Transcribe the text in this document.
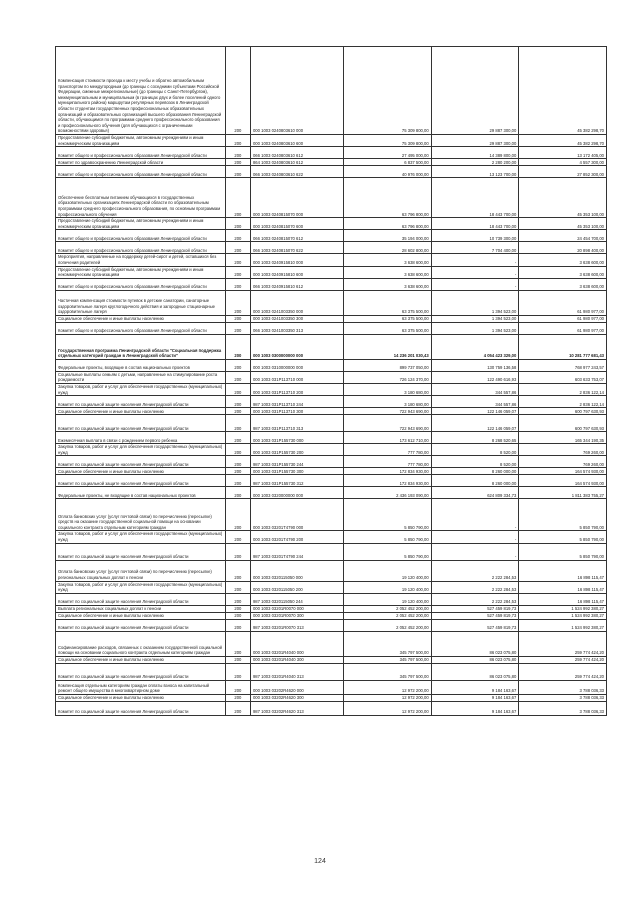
Компенсация стоимости проезда к месту учебы и обратно автомобильным транспортом по междугородным (до границы с соседними субъектами Российской Федерации, смежные межрегиональные) (до границы с Санкт-Петербургом), межмуниципальным и муниципальным (в границах двух и более поселений одного муниципального района) маршрутам регулярных перевозок в Ленинградской области студентам государственных профессиональных образовательных организаций и образовательных организаций высшего образования Ленинградской области, обучающимся по программам среднего профессионального образования и профессионального обучения (для обучающихся с ограниченными возможностями здоровья)	200	000 1003 0240803610 000	75 309 800,00	29 887 300,00	45 382 298,70
Предоставление субсидий бюджетным, автономным учреждениям и иным некоммерческим организациям	200	000 1003 0240803610 600	75 309 800,00	29 887 300,00	45 382 298,70
Комитет общего и профессионального образования Ленинградской области	200	066 1003 0240803610 612	27 495 000,00	14 389 800,00	13 172 405,00
Комитет по здравоохранению Ленинградской области	200	864 1003 0240803610 612	6 837 500,00	2 280 200,00	4 557 300,00
Комитет общего и профессионального образования Ленинградской области	200	066 1003 0240803610 622	40 976 000,00	13 123 700,00	27 852 300,00
Обеспечение бесплатным питанием обучающихся в государственных образовательных организациях Ленинградской области по образовательным программам среднего профессионального образования, по основным программам профессионального обучения	200	000 1003 0240815070 000	63 796 800,00	18 443 700,00	45 353 100,00
Предоставление субсидий бюджетным, автономным учреждениям и иным некоммерческим организациям	200	000 1003 0240815070 600	63 796 800,00	18 443 700,00	45 353 100,00
Комитет общего и профессионального образования Ленинградской области	200	066 1003 0240815070 612	35 194 000,00	10 739 300,00	24 454 700,00
Комитет общего и профессионального образования Ленинградской области	200	066 1003 0240815070 622	28 602 800,00	7 704 400,00	20 898 400,00
Мероприятия, направленные на поддержку детей-сирот и детей, оставшихся без попечения родителей	200	000 1003 0240915810 000	3 638 600,00	-	3 638 600,00
Предоставление субсидий бюджетным, автономным учреждениям и иным некоммерческим организациям	200	000 1003 0240915810 600	3 638 600,00	-	3 638 600,00
Комитет общего и профессионального образования Ленинградской области	200	066 1003 0240915810 612	3 638 600,00	-	3 638 600,00
Частичная компенсация стоимости путевок в детские санатории, санаторные оздоровительные лагеря круглогодичного действия и загородные стационарные оздоровительные лагеря	200	000 1003 0241003350 000	63 375 500,00	1 394 523,00	61 980 977,00
Социальное обеспечение и иные выплаты населению	200	000 1003 0241003350 300	63 375 500,00	1 394 523,00	61 980 977,00
Комитет общего и профессионального образования Ленинградской области	200	066 1003 0241003350 313	63 375 500,00	1 394 523,00	61 980 977,00
Государственная программа Ленинградской области "Социальная поддержка отдельных категорий граждан в Ленинградской области"	200	000 1003 0300000000 000	14 236 201 030,43	4 054 423 329,00	10 281 777 681,43
Федеральные проекты, входящие в состав национальных проектов	200	000 1003 0310000000 000	899 737 050,00	130 759 136,58	768 977 243,57
Социальные выплаты семьям с детьми, направленные на стимулирование роста рождаемости	200	000 1003 031P113710 000	726 124 370,00	122 490 616,93	603 633 753,07
Закупка товаров, работ и услуг для обеспечения государственных (муниципальных) нужд	200	000 1003 031P113710 200	3 180 680,00	344 557,86	2 836 122,14
Комитет по социальной защите населения Ленинградской области	200	987 1003 031P113710 244	3 180 680,00	344 557,86	2 836 122,14
Социальное обеспечение и иные выплаты населению	200	000 1003 031P113710 300	722 943 690,00	122 146 059,07	600 797 630,93
Комитет по социальной защите населения Ленинградской области	200	987 1003 031P113710 313	722 943 690,00	122 146 059,07	600 797 630,93
Ежемесячная выплата в связи с рождением первого ребенка	200	000 1003 031P155730 000	173 612 710,00	8 268 520,65	165 344 190,35
Закупка товаров, работ и услуг для обеспечения государственных (муниципальных) нужд	200	000 1003 031P155730 200	777 780,00	8 520,00	769 260,00
Комитет по социальной защите населения Ленинградской области	200	987 1003 031P155730 244	777 780,00	8 520,00	769 260,00
Социальное обеспечение и иные выплаты населению	200	000 1003 031P155730 300	172 834 930,00	8 260 000,00	164 574 930,00
Комитет по социальной защите населения Ленинградской области	200	987 1003 031P155730 312	172 834 930,00	8 260 000,00	164 574 930,00
Федеральные проекты, не входящие в состав национальных проектов	200	000 1003 0320000000 000	2 436 193 090,00	624 809 334,73	1 811 383 755,27
Оплата банковских услуг (услуг почтовой связи) по перечислению (пересылке) средств на оказание государственной социальной помощи на основании социального контракта отдельным категориям граждан	200	000 1003 03201Т4790 000	5 850 790,00	-	5 850 790,00
Закупка товаров, работ и услуг для обеспечения государственных (муниципальных) нужд	200	000 1003 03201Т4790 200	5 850 790,00	-	5 850 790,00
Комитет по социальной защите населения Ленинградской области	200	987 1003 03201Т4790 244	5 850 790,00	-	5 850 790,00
Оплата банковских услуг (услуг почтовой связи) по перечислению (пересылке) региональных социальных доплат к пенсии	200	000 1003 0320115050 000	19 120 400,00	2 222 284,53	16 898 115,47
Закупка товаров, работ и услуг для обеспечения государственных (муниципальных) нужд	200	000 1003 0320115050 200	19 120 400,00	2 222 284,53	16 898 115,47
Комитет по социальной защите населения Ленинградской области	200	987 1003 0320115050 244	19 120 400,00	2 222 284,53	16 898 115,47
Выплата региональных социальных доплат к пенсии	200	000 1003 03201R0070 000	2 052 452 200,00	527 459 819,73	1 524 992 380,27
Социальное обеспечение и иные выплаты населению	200	000 1003 03201R0070 300	2 052 452 200,00	527 459 819,73	1 524 992 380,27
Комитет по социальной защите населения Ленинградской области	200	987 1003 03201R0070 313	2 052 452 200,00	527 459 819,73	1 524 992 380,27
Софинансирование расходов, связанных с оказанием государственной социальной помощи на основании социального контракта отдельным категориям граждан	200	000 1003 03201R4040 000	345 797 500,00	86 023 075,80	259 774 424,20
Социальное обеспечение и иные выплаты населению	200	000 1003 03201R4040 300	345 797 500,00	86 023 075,80	259 774 424,20
Комитет по социальной защите населения Ленинградской области	200	987 1003 03201R4040 313	345 797 500,00	86 023 075,80	259 774 424,20
Компенсация отдельным категориям граждан оплаты взноса на капитальный ремонт общего имущества в многоквартирном доме	200	000 1003 03202R4620 000	12 972 200,00	9 184 163,67	3 788 036,33
Социальное обеспечение и иные выплаты населению	200	000 1003 03202R4620 300	12 972 200,00	9 184 163,67	3 788 036,33
Комитет по социальной защите населения Ленинградской области	200	987 1003 03202R4620 313	12 972 200,00	9 184 163,67	3 788 036,33
124
